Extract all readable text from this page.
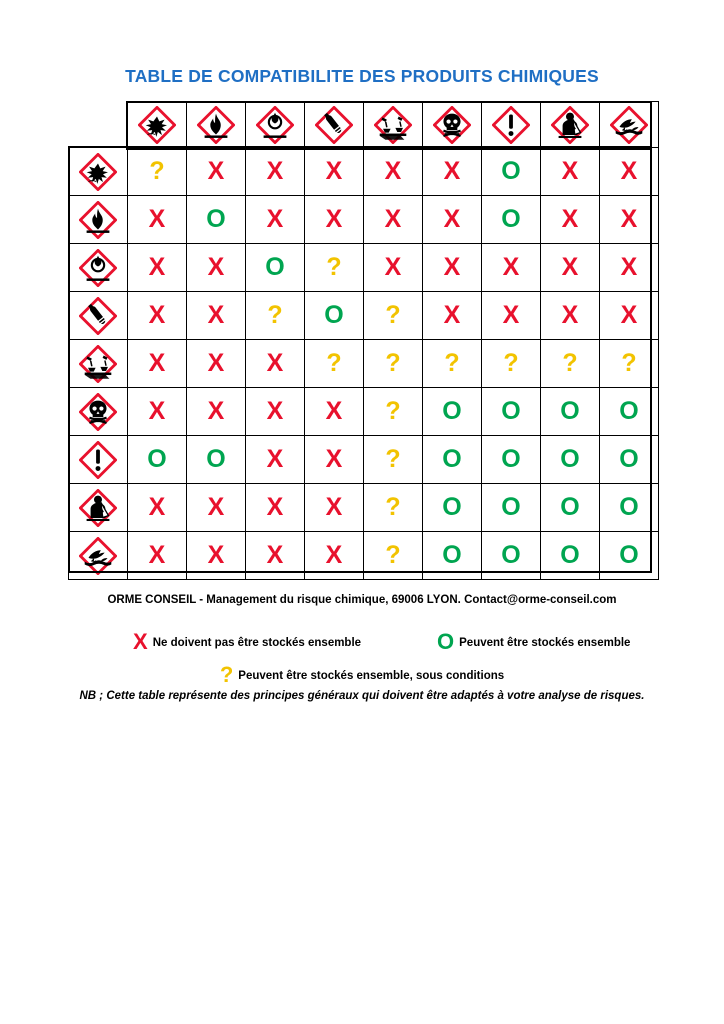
TABLE DE COMPATIBILITE DES PRODUITS CHIMIQUES

	?	X	X	X	X	X	O	X	X

	X	O	X	X	X	X	O	X	X

	X	X	O	?	X	X	X	X	X

	X	X	?	O	?	X	X	X	X

	X	X	X	?	?	?	?	?	?

	X	X	X	X	?	O	O	O	O

	O	O	X	X	?	O	O	O	O

	X	X	X	X	?	O	O	O	O

	X	X	X	X	?	O	O	O	O
ORME CONSEIL - Management du risque chimique, 69006 LYON. Contact@orme-conseil.com
X Ne doivent pas être stockés ensemble	O Peuvent être stockés ensemble
? Peuvent être stockés ensemble, sous conditions
NB ; Cette table représente des principes généraux qui doivent être adaptés à votre analyse de risques.
